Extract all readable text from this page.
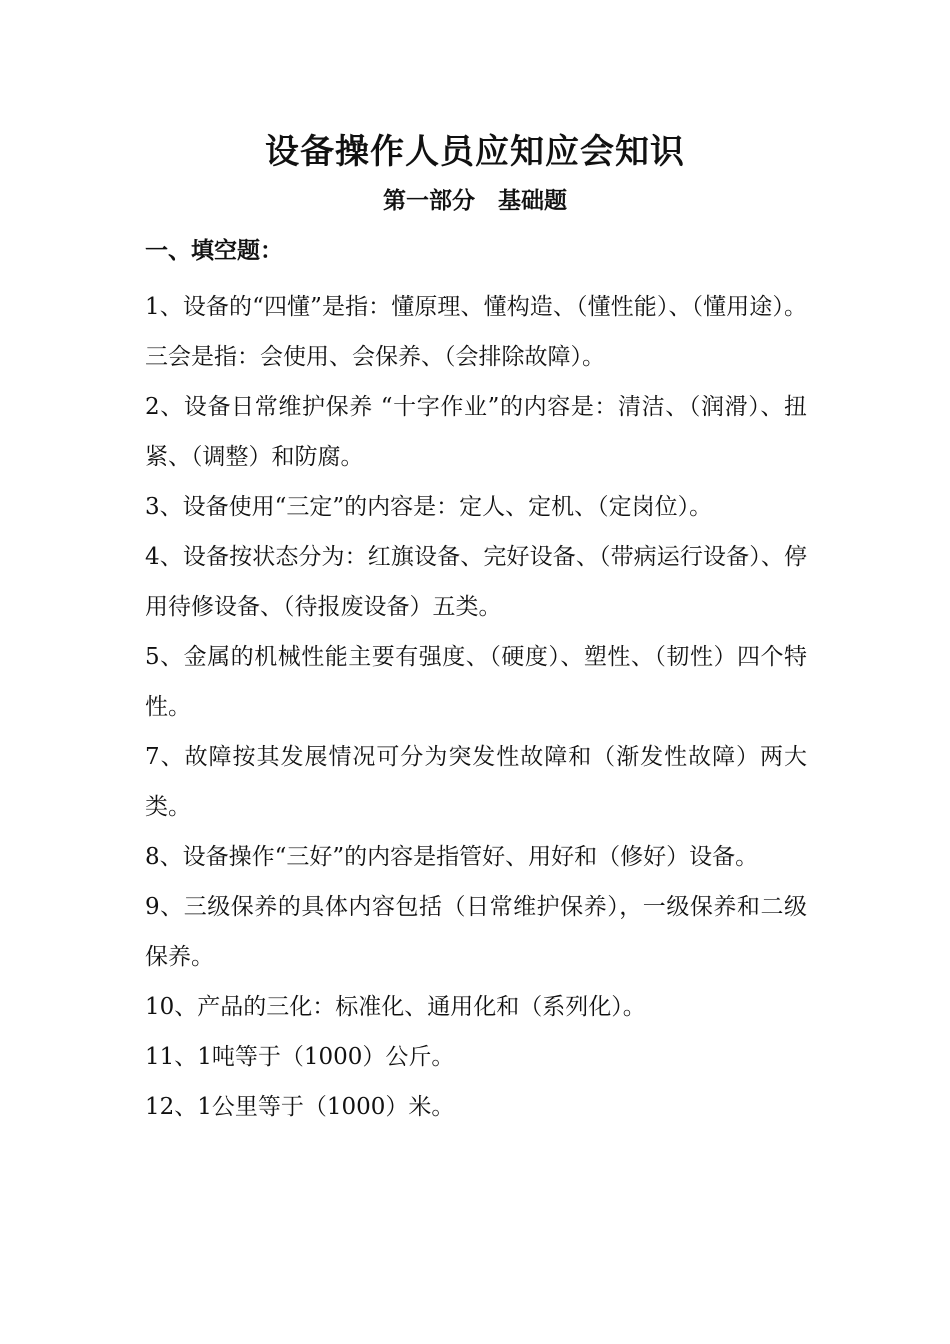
设备操作人员应知应会知识
第一部分　基础题
一、填空题：

1、设备的“四懂”是指：懂原理、懂构造、（懂性能）、（懂用途）。三会是指：会使用、会保养、（会排除故障）。

2、设备日常维护保养 “十字作业”的内容是：清洁、（润滑）、扭紧、（调整）和防腐。

3、设备使用“三定”的内容是：定人、定机、（定岗位）。

4、设备按状态分为：红旗设备、完好设备、（带病运行设备）、停用待修设备、（待报废设备）五类。

5、金属的机械性能主要有强度、（硬度）、塑性、（韧性）四个特性。

7、故障按其发展情况可分为突发性故障和（渐发性故障）两大类。

8、设备操作“三好”的内容是指管好、用好和（修好）设备。

9、三级保养的具体内容包括（日常维护保养），一级保养和二级保养。

10、产品的三化：标准化、通用化和（系列化）。

11、1吨等于（1000）公斤。

12、1公里等于（1000）米。
